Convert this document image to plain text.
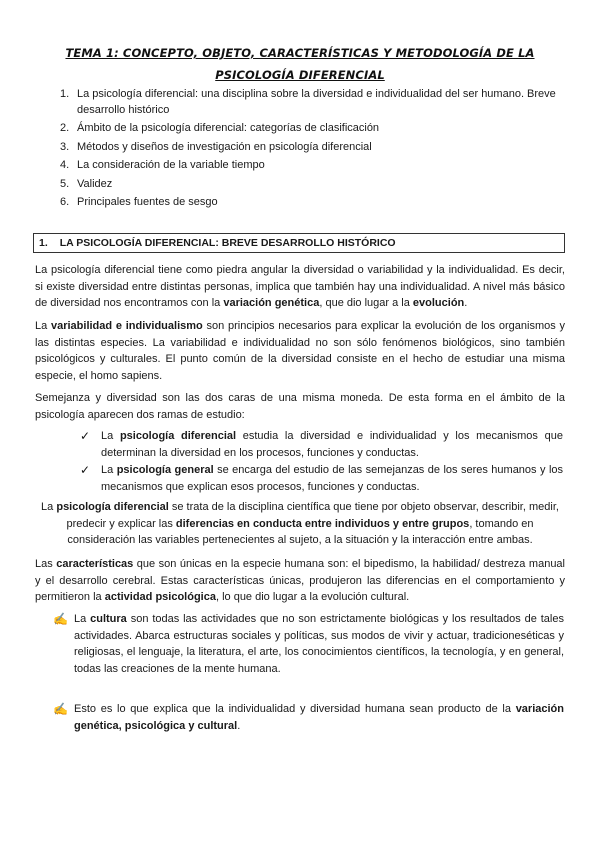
TEMA 1: CONCEPTO, OBJETO, CARACTERÍSTICAS Y METODOLOGÍA DE LA PSICOLOGÍA DIFERENCIAL
1. La psicología diferencial: una disciplina sobre la diversidad e individualidad del ser humano. Breve desarrollo histórico
2. Ámbito de la psicología diferencial: categorías de clasificación
3. Métodos y diseños de investigación en psicología diferencial
4. La consideración de la variable tiempo
5. Validez
6. Principales fuentes de sesgo
1. LA PSICOLOGÍA DIFERENCIAL: BREVE DESARROLLO HISTÓRICO

La psicología diferencial tiene como piedra angular la diversidad o variabilidad y la individualidad. Es decir, si existe diversidad entre distintas personas, implica que también hay una individualidad. A nivel más básico de diversidad nos encontramos con la variación genética, que dio lugar a la evolución.

La variabilidad e individualismo son principios necesarios para explicar la evolución de los organismos y las distintas especies. La variabilidad e individualidad no son sólo fenómenos biológicos, sino también psicológicos y culturales. El punto común de la diversidad consiste en el hecho de estudiar una misma especie, el homo sapiens.

Semejanza y diversidad son las dos caras de una misma moneda. De esta forma en el ámbito de la psicología aparecen dos ramas de estudio:

✓ La psicología diferencial estudia la diversidad e individualidad y los mecanismos que determinan la diversidad en los procesos, funciones y conductas.

✓ La psicología general se encarga del estudio de las semejanzas de los seres humanos y los mecanismos que explican esos procesos, funciones y conductas.

La psicología diferencial se trata de la disciplina científica que tiene por objeto observar, describir, medir, predecir y explicar las diferencias en conducta entre individuos y entre grupos, tomando en consideración las variables pertenecientes al sujeto, a la situación y la interacción entre ambas.

Las características que son únicas en la especie humana son: el bipedismo, la habilidad/ destreza manual y el desarrollo cerebral. Estas características únicas, produjeron las diferencias en el comportamiento y permitieron la actividad psicológica, lo que dio lugar a la evolución cultural.

✍ La cultura son todas las actividades que no son estrictamente biológicas y los resultados de tales actividades. Abarca estructuras sociales y políticas, sus modos de vivir y actuar, tradicioneséticas y religiosas, el lenguaje, la literatura, el arte, los conocimientos científicos, la tecnología, y en general, todas las creaciones de la mente humana.

✍ Esto es lo que explica que la individualidad y diversidad humana sean producto de la variación genética, psicológica y cultural.
